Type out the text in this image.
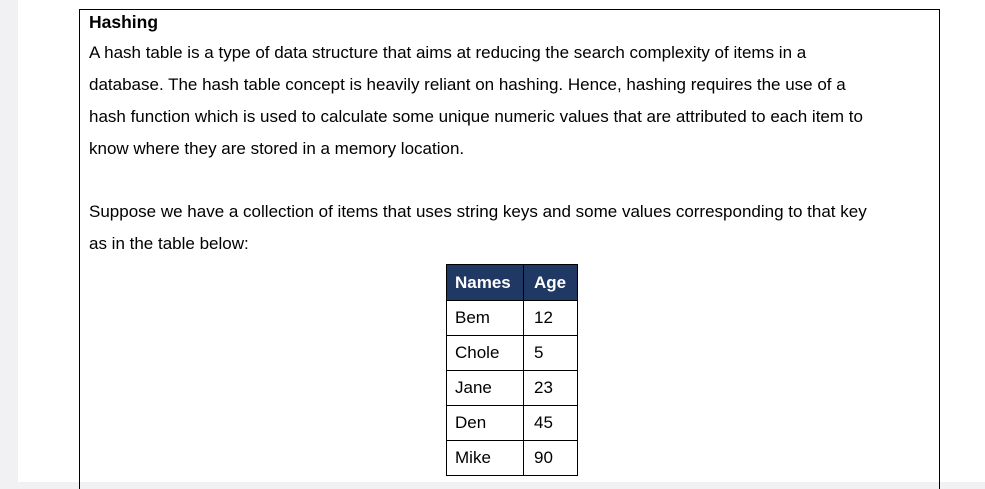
Hashing

A hash table is a type of data structure that aims at reducing the search complexity of items in a
database. The hash table concept is heavily reliant on hashing. Hence, hashing requires the use of a
hash function which is used to calculate some unique numeric values that are attributed to each item to
know where they are stored in a memory location.

Suppose we have a collection of items that uses string keys and some values corresponding to that key
as in the table below:

Names	Age
Bem	12
Chole	5
Jane	23
Den	45
Mike	90
